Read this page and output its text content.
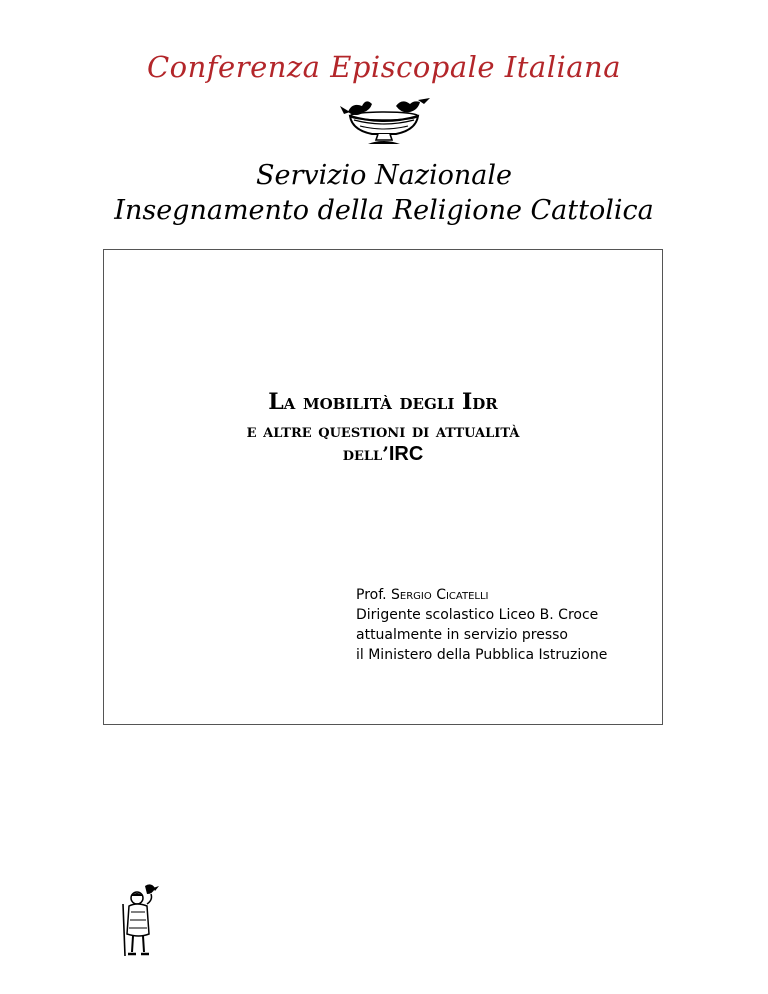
Conferenza Episcopale Italiana
Servizio Nazionale
Insegnamento della Religione Cattolica
La mobilità degli Idr
e altre questioni di attualità
dell’IRC
Prof. Sergio Cicatelli
Dirigente scolastico Liceo B. Croce
attualmente in servizio presso
il Ministero della Pubblica Istruzione
